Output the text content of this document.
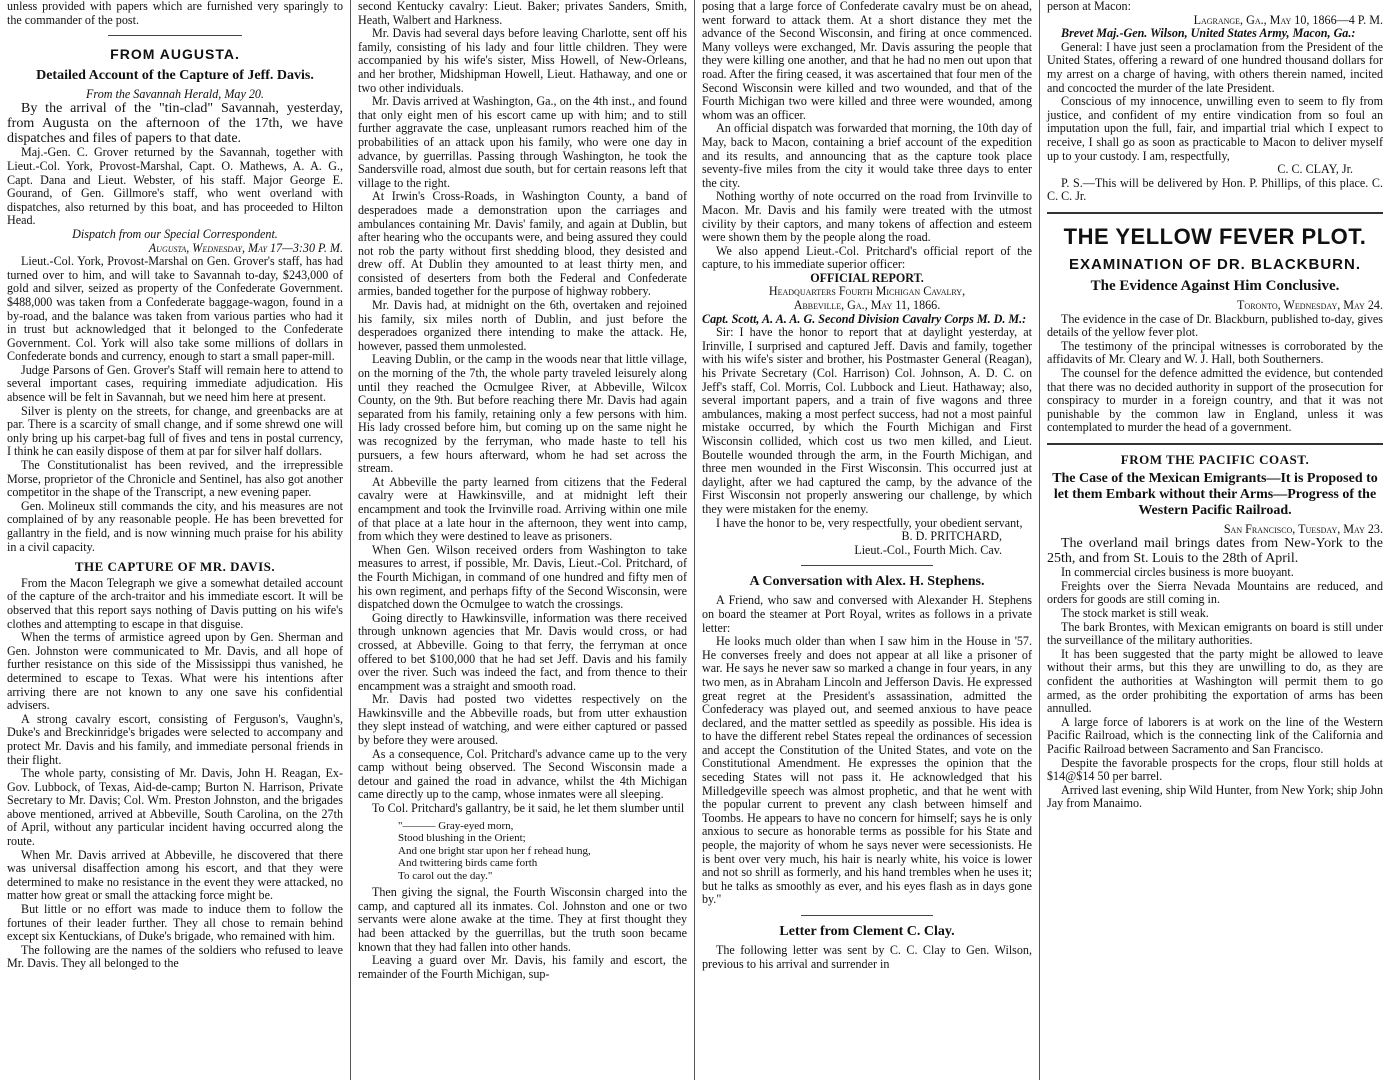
unless provided with papers which are furnished very sparingly to the commander of the post.

FROM AUGUSTA.
Detailed Account of the Capture of Jeff. Davis.

From the Savannah Herald, May 20.

By the arrival of the "tin-clad" Savannah, yesterday, from Augusta on the afternoon of the 17th, we have dispatches and files of papers to that date.

Maj.-Gen. C. Grover returned by the Savannah, together with Lieut.-Col. York, Provost-Marshal, Capt. O. Mathews, A. A. G., Capt. Dana and Lieut. Webster, of his staff. Major George E. Gourand, of Gen. Gillmore's staff, who went overland with dispatches, also returned by this boat, and has proceeded to Hilton Head.

Dispatch from our Special Correspondent.

Augusta, Wednesday, May 17—3:30 P. M.

Lieut.-Col. York, Provost-Marshal on Gen. Grover's staff, has had turned over to him, and will take to Savannah to-day, $243,000 of gold and silver, seized as property of the Confederate Government. $488,000 was taken from a Confederate baggage-wagon, found in a by-road, and the balance was taken from various parties who had it in trust but acknowledged that it belonged to the Confederate Government. Col. York will also take some millions of dollars in Confederate bonds and currency, enough to start a small paper-mill.

Judge Parsons of Gen. Grover's Staff will remain here to attend to several important cases, requiring immediate adjudication. His absence will be felt in Savannah, but we need him here at present.

Silver is plenty on the streets, for change, and greenbacks are at par. There is a scarcity of small change, and if some shrewd one will only bring up his carpet-bag full of fives and tens in postal currency, I think he can easily dispose of them at par for silver half dollars.

The Constitutionalist has been revived, and the irrepressible Morse, proprietor of the Chronicle and Sentinel, has also got another competitor in the shape of the Transcript, a new evening paper.

Gen. Molineux still commands the city, and his measures are not complained of by any reasonable people. He has been brevetted for gallantry in the field, and is now winning much praise for his ability in a civil capacity.

THE CAPTURE OF MR. DAVIS.

From the Macon Telegraph we give a somewhat detailed account of the capture of the arch-traitor and his immediate escort. It will be observed that this report says nothing of Davis putting on his wife's clothes and attempting to escape in that disguise.

When the terms of armistice agreed upon by Gen. Sherman and Gen. Johnston were communicated to Mr. Davis, and all hope of further resistance on this side of the Mississippi thus vanished, he determined to escape to Texas. What were his intentions after arriving there are not known to any one save his confidential advisers.

A strong cavalry escort, consisting of Ferguson's, Vaughn's, Duke's and Breckinridge's brigades were selected to accompany and protect Mr. Davis and his family, and immediate personal friends in their flight.

The whole party, consisting of Mr. Davis, John H. Reagan, Ex-Gov. Lubbock, of Texas, Aid-de-camp; Burton N. Harrison, Private Secretary to Mr. Davis; Col. Wm. Preston Johnston, and the brigades above mentioned, arrived at Abbeville, South Carolina, on the 27th of April, without any particular incident having occurred along the route.

When Mr. Davis arrived at Abbeville, he discovered that there was universal disaffection among his escort, and that they were determined to make no resistance in the event they were attacked, no matter how great or small the attacking force might be.

But little or no effort was made to induce them to follow the fortunes of their leader further. They all chose to remain behind except six Kentuckians, of Duke's brigade, who remained with him.

The following are the names of the soldiers who refused to leave Mr. Davis. They all belonged to the

second Kentucky cavalry: Lieut. Baker; privates Sanders, Smith, Heath, Walbert and Harkness.

Mr. Davis had several days before leaving Charlotte, sent off his family, consisting of his lady and four little children. They were accompanied by his wife's sister, Miss Howell, of New-Orleans, and her brother, Midshipman Howell, Lieut. Hathaway, and one or two other individuals.

Mr. Davis arrived at Washington, Ga., on the 4th inst., and found that only eight men of his escort came up with him; and to still further aggravate the case, unpleasant rumors reached him of the probabilities of an attack upon his family, who were one day in advance, by guerrillas. Passing through Washington, he took the Sandersville road, almost due south, but for certain reasons left that village to the right.

At Irwin's Cross-Roads, in Washington County, a band of desperadoes made a demonstration upon the carriages and ambulances containing Mr. Davis' family, and again at Dublin, but after hearing who the occupants were, and being assured they could not rob the party without first shedding blood, they desisted and drew off. At Dublin they amounted to at least thirty men, and consisted of deserters from both the Federal and Confederate armies, banded together for the purpose of highway robbery.

Mr. Davis had, at midnight on the 6th, overtaken and rejoined his family, six miles north of Dublin, and just before the desperadoes organized there intending to make the attack. He, however, passed them unmolested.

Leaving Dublin, or the camp in the woods near that little village, on the morning of the 7th, the whole party traveled leisurely along until they reached the Ocmulgee River, at Abbeville, Wilcox County, on the 9th. But before reaching there Mr. Davis had again separated from his family, retaining only a few persons with him. His lady crossed before him, but coming up on the same night he was recognized by the ferryman, who made haste to tell his pursuers, a few hours afterward, whom he had set across the stream.

At Abbeville the party learned from citizens that the Federal cavalry were at Hawkinsville, and at midnight left their encampment and took the Irvinville road. Arriving within one mile of that place at a late hour in the afternoon, they went into camp, from which they were destined to leave as prisoners.

When Gen. Wilson received orders from Washington to take measures to arrest, if possible, Mr. Davis, Lieut.-Col. Pritchard, of the Fourth Michigan, in command of one hundred and fifty men of his own regiment, and perhaps fifty of the Second Wisconsin, were dispatched down the Ocmulgee to watch the crossings.

Going directly to Hawkinsville, information was there received through unknown agencies that Mr. Davis would cross, or had crossed, at Abbeville. Going to that ferry, the ferryman at once offered to bet $100,000 that he had set Jeff. Davis and his family over the river. Such was indeed the fact, and from thence to their encampment was a straight and smooth road.

Mr. Davis had posted two videttes respectively on the Hawkinsville and the Abbeville roads, but from utter exhaustion they slept instead of watching, and were either captured or passed by before they were aroused.

As a consequence, Col. Pritchard's advance came up to the very camp without being observed. The Second Wisconsin made a detour and gained the road in advance, whilst the 4th Michigan came directly up to the camp, whose inmates were all sleeping.

To Col. Pritchard's gallantry, be it said, he let them slumber until

"——— Gray-eyed morn,
Stood blushing in the Orient;
And one bright star upon her f rehead hung,
And twittering birds came forth
To carol out the day."

Then giving the signal, the Fourth Wisconsin charged into the camp, and captured all its inmates. Col. Johnston and one or two servants were alone awake at the time. They at first thought they had been attacked by the guerrillas, but the truth soon became known that they had fallen into other hands.

Leaving a guard over Mr. Davis, his family and escort, the remainder of the Fourth Michigan, sup-

posing that a large force of Confederate cavalry must be on ahead, went forward to attack them. At a short distance they met the advance of the Second Wisconsin, and firing at once commenced. Many volleys were exchanged, Mr. Davis assuring the people that they were killing one another, and that he had no men out upon that road. After the firing ceased, it was ascertained that four men of the Second Wisconsin were killed and two wounded, and that of the Fourth Michigan two were killed and three were wounded, among whom was an officer.

An official dispatch was forwarded that morning, the 10th day of May, back to Macon, containing a brief account of the expedition and its results, and announcing that as the capture took place seventy-five miles from the city it would take three days to enter the city.

Nothing worthy of note occurred on the road from Irvinville to Macon. Mr. Davis and his family were treated with the utmost civility by their captors, and many tokens of affection and esteem were shown them by the people along the road.

We also append Lieut.-Col. Pritchard's official report of the capture, to his immediate superior officer:

OFFICIAL REPORT.

Headquarters Fourth Michigan Cavalry,

Abbeville, Ga., May 11, 1866.

Capt. Scott, A. A. A. G. Second Division Cavalry Corps M. D. M.:

Sir: I have the honor to report that at daylight yesterday, at Irinville, I surprised and captured Jeff. Davis and family, together with his wife's sister and brother, his Postmaster General (Reagan), his Private Secretary (Col. Harrison) Col. Johnson, A. D. C. on Jeff's staff, Col. Morris, Col. Lubbock and Lieut. Hathaway; also, several important papers, and a train of five wagons and three ambulances, making a most perfect success, had not a most painful mistake occurred, by which the Fourth Michigan and First Wisconsin collided, which cost us two men killed, and Lieut. Boutelle wounded through the arm, in the Fourth Michigan, and three men wounded in the First Wisconsin. This occurred just at daylight, after we had captured the camp, by the advance of the First Wisconsin not properly answering our challenge, by which they were mistaken for the enemy.

I have the honor to be, very respectfully, your obedient servant,

B. D. PRITCHARD,

Lieut.-Col., Fourth Mich. Cav.

A Conversation with Alex. H. Stephens.

A Friend, who saw and conversed with Alexander H. Stephens on board the steamer at Port Royal, writes as follows in a private letter:

He looks much older than when I saw him in the House in '57. He converses freely and does not appear at all like a prisoner of war. He says he never saw so marked a change in four years, in any two men, as in Abraham Lincoln and Jefferson Davis. He expressed great regret at the President's assassination, admitted the Confederacy was played out, and seemed anxious to have peace declared, and the matter settled as speedily as possible. His idea is to have the different rebel States repeal the ordinances of secession and accept the Constitution of the United States, and vote on the Constitutional Amendment. He expresses the opinion that the seceding States will not pass it. He acknowledged that his Milledgeville speech was almost prophetic, and that he went with the popular current to prevent any clash between himself and Toombs. He appears to have no concern for himself; says he is only anxious to secure as honorable terms as possible for his State and people, the majority of whom he says never were secessionists. He is bent over very much, his hair is nearly white, his voice is lower and not so shrill as formerly, and his hand trembles when he uses it; but he talks as smoothly as ever, and his eyes flash as in days gone by."

Letter from Clement C. Clay.

The following letter was sent by C. C. Clay to Gen. Wilson, previous to his arrival and surrender in

person at Macon:

Lagrange, Ga., May 10, 1866—4 P. M.

Brevet Maj.-Gen. Wilson, United States Army, Macon, Ga.:

General: I have just seen a proclamation from the President of the United States, offering a reward of one hundred thousand dollars for my arrest on a charge of having, with others therein named, incited and concocted the murder of the late President.

Conscious of my innocence, unwilling even to seem to fly from justice, and confident of my entire vindication from so foul an imputation upon the full, fair, and impartial trial which I expect to receive, I shall go as soon as practicable to Macon to deliver myself up to your custody. I am, respectfully,

C. C. CLAY, Jr.

P. S.—This will be delivered by Hon. P. Phillips, of this place. C. C. C. Jr.

THE YELLOW FEVER PLOT.
EXAMINATION OF DR. BLACKBURN.
The Evidence Against Him Conclusive.

Toronto, Wednesday, May 24.

The evidence in the case of Dr. Blackburn, published to-day, gives details of the yellow fever plot.

The testimony of the principal witnesses is corroborated by the affidavits of Mr. Cleary and W. J. Hall, both Southerners.

The counsel for the defence admitted the evidence, but contended that there was no decided authority in support of the prosecution for conspiracy to murder in a foreign country, and that it was not punishable by the common law in England, unless it was contemplated to murder the head of a government.

FROM THE PACIFIC COAST.
The Case of the Mexican Emigrants—It is Proposed to let them Embark without their Arms—Progress of the Western Pacific Railroad.

San Francisco, Tuesday, May 23.

The overland mail brings dates from New-York to the 25th, and from St. Louis to the 28th of April.

In commercial circles business is more buoyant.

Freights over the Sierra Nevada Mountains are reduced, and orders for goods are still coming in.

The stock market is still weak.

The bark Brontes, with Mexican emigrants on board is still under the surveillance of the military authorities.

It has been suggested that the party might be allowed to leave without their arms, but this they are unwilling to do, as they are confident the authorities at Washington will permit them to go armed, as the order prohibiting the exportation of arms has been annulled.

A large force of laborers is at work on the line of the Western Pacific Railroad, which is the connecting link of the California and Pacific Railroad between Sacramento and San Francisco.

Despite the favorable prospects for the crops, flour still holds at $14@$14 50 per barrel.

Arrived last evening, ship Wild Hunter, from New York; ship John Jay from Manaimo.
